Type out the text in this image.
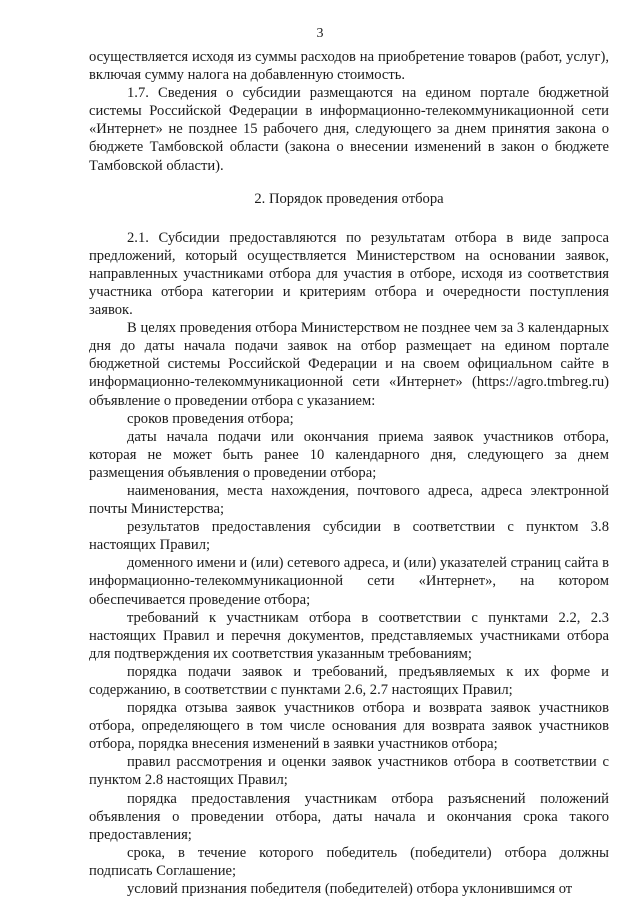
3

осуществляется исходя из суммы расходов на приобретение товаров (работ, услуг), включая сумму налога на добавленную стоимость.

1.7. Сведения о субсидии размещаются на едином портале бюджетной системы Российской Федерации в информационно-телекоммуникационной сети «Интернет» не позднее 15 рабочего дня, следующего за днем принятия закона о бюджете Тамбовской области (закона о внесении изменений в закон о бюджете Тамбовской области).

2. Порядок проведения отбора

2.1. Субсидии предоставляются по результатам отбора в виде запроса предложений, который осуществляется Министерством на основании заявок, направленных участниками отбора для участия в отборе, исходя из соответствия участника отбора категории и критериям отбора и очередности поступления заявок.

В целях проведения отбора Министерством не позднее чем за 3 календарных дня до даты начала подачи заявок на отбор размещает на едином портале бюджетной системы Российской Федерации и на своем официальном сайте в информационно-телекоммуникационной сети «Интернет» (https://agro.tmbreg.ru) объявление о проведении отбора с указанием:

сроков проведения отбора;

даты начала подачи или окончания приема заявок участников отбора, которая не может быть ранее 10 календарного дня, следующего за днем размещения объявления о проведении отбора;

наименования, места нахождения, почтового адреса, адреса электронной почты Министерства;

результатов предоставления субсидии в соответствии с пунктом 3.8 настоящих Правил;

доменного имени и (или) сетевого адреса, и (или) указателей страниц сайта в информационно-телекоммуникационной сети «Интернет», на котором обеспечивается проведение отбора;

требований к участникам отбора в соответствии с пунктами 2.2, 2.3 настоящих Правил и перечня документов, представляемых участниками отбора для подтверждения их соответствия указанным требованиям;

порядка подачи заявок и требований, предъявляемых к их форме и содержанию, в соответствии с пунктами 2.6, 2.7 настоящих Правил;

порядка отзыва заявок участников отбора и возврата заявок участников отбора, определяющего в том числе основания для возврата заявок участников отбора, порядка внесения изменений в заявки участников отбора;

правил рассмотрения и оценки заявок участников отбора в соответствии с пунктом 2.8 настоящих Правил;

порядка предоставления участникам отбора разъяснений положений объявления о проведении отбора, даты начала и окончания срока такого предоставления;

срока, в течение которого победитель (победители) отбора должны подписать Соглашение;

условий признания победителя (победителей) отбора уклонившимся от
